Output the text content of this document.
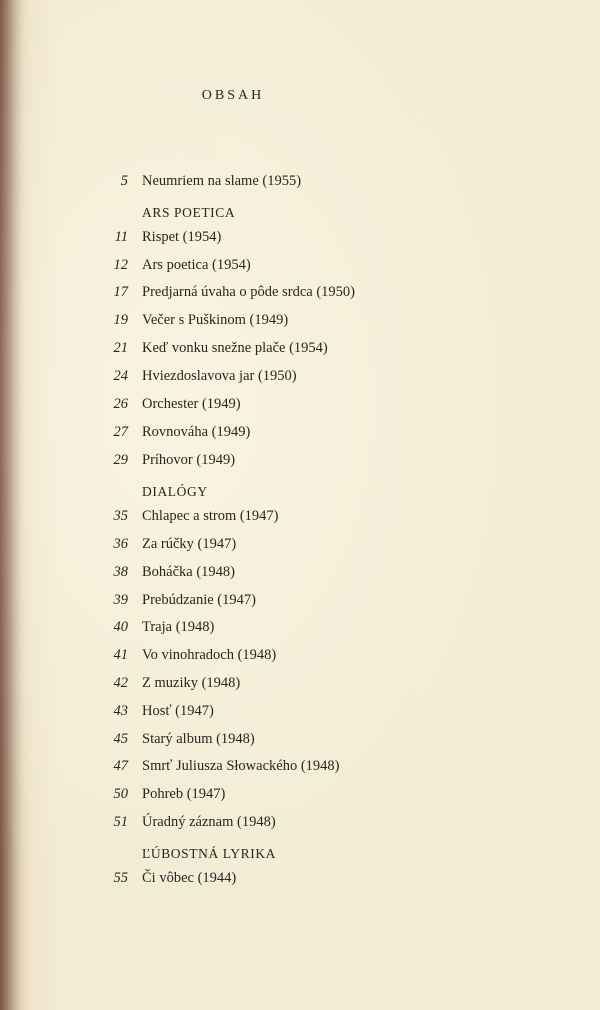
OBSAH
5 Neumriem na slame (1955)
ARS POETICA
11 Rispet (1954)
12 Ars poetica (1954)
17 Predjarná úvaha o pôde srdca (1950)
19 Večer s Puškinom (1949)
21 Keď vonku snežne plače (1954)
24 Hviezdoslavova jar (1950)
26 Orchester (1949)
27 Rovnováha (1949)
29 Príhovor (1949)
DIALÓGY
35 Chlapec a strom (1947)
36 Za rúčky (1947)
38 Boháčka (1948)
39 Prebúdzanie (1947)
40 Traja (1948)
41 Vo vinohradoch (1948)
42 Z muziky (1948)
43 Hosť (1947)
45 Starý album (1948)
47 Smrť Juliusza Słowackého (1948)
50 Pohreb (1947)
51 Úradný záznam (1948)
ĽÚBOSTNÁ LYRIKA
55 Či vôbec (1944)
